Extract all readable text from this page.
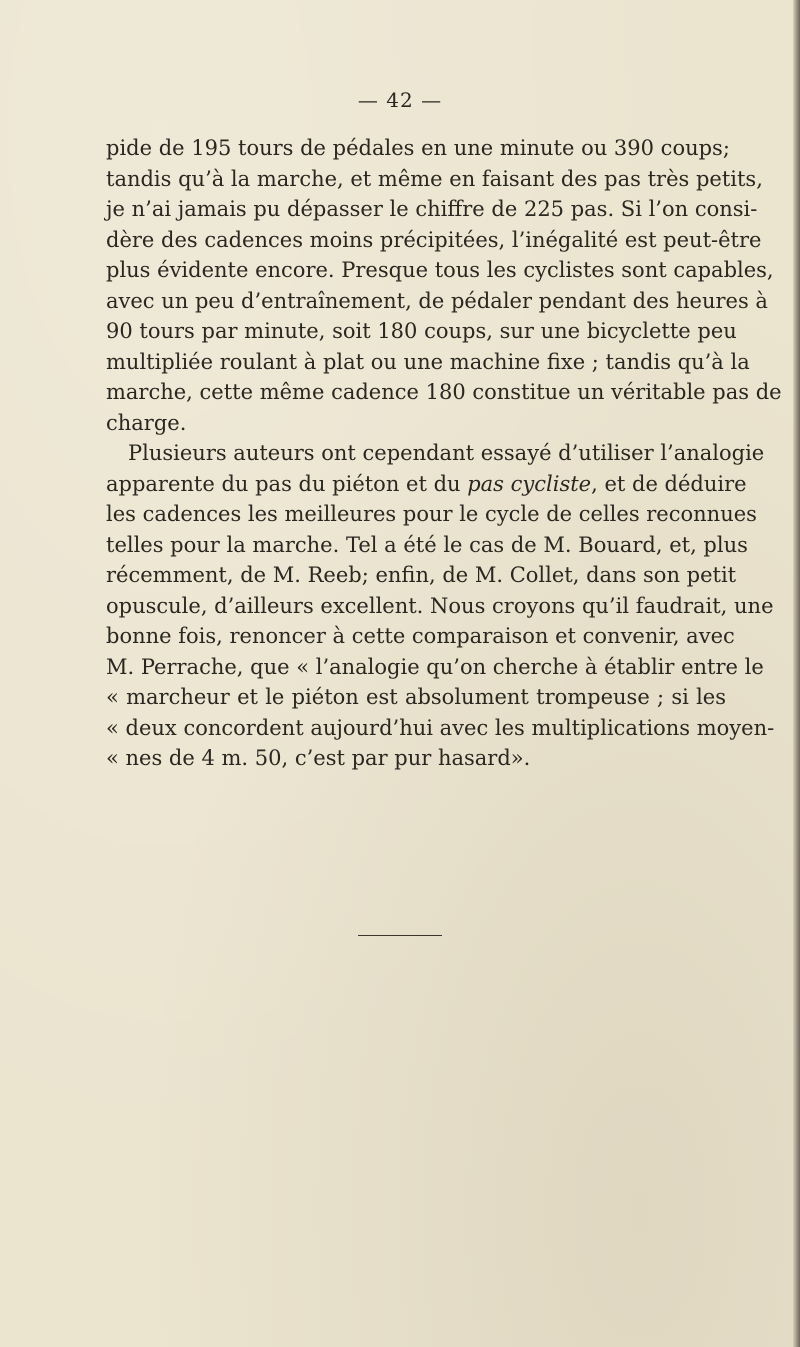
— 42 —

pide de 195 tours de pédales en une minute ou 390 coups;
tandis qu’à la marche, et même en faisant des pas très petits,
je n’ai jamais pu dépasser le chiffre de 225 pas. Si l’on consi-
dère des cadences moins précipitées, l’inégalité est peut-être
plus évidente encore. Presque tous les cyclistes sont capables,
avec un peu d’entraînement, de pédaler pendant des heures à
90 tours par minute, soit 180 coups, sur une bicyclette peu
multipliée roulant à plat ou une machine fixe ; tandis qu’à la
marche, cette même cadence 180 constitue un véritable pas de
charge.

Plusieurs auteurs ont cependant essayé d’utiliser l’analogie
apparente du pas du piéton et du pas cycliste, et de déduire
les cadences les meilleures pour le cycle de celles reconnues
telles pour la marche. Tel a été le cas de M. Bouard, et, plus
récemment, de M. Reeb; enfin, de M. Collet, dans son petit
opuscule, d’ailleurs excellent. Nous croyons qu’il faudrait, une
bonne fois, renoncer à cette comparaison et convenir, avec
M. Perrache, que « l’analogie qu’on cherche à établir entre le
« marcheur et le piéton est absolument trompeuse ; si les
« deux concordent aujourd’hui avec les multiplications moyen-
« nes de 4 m. 50, c’est par pur hasard».
